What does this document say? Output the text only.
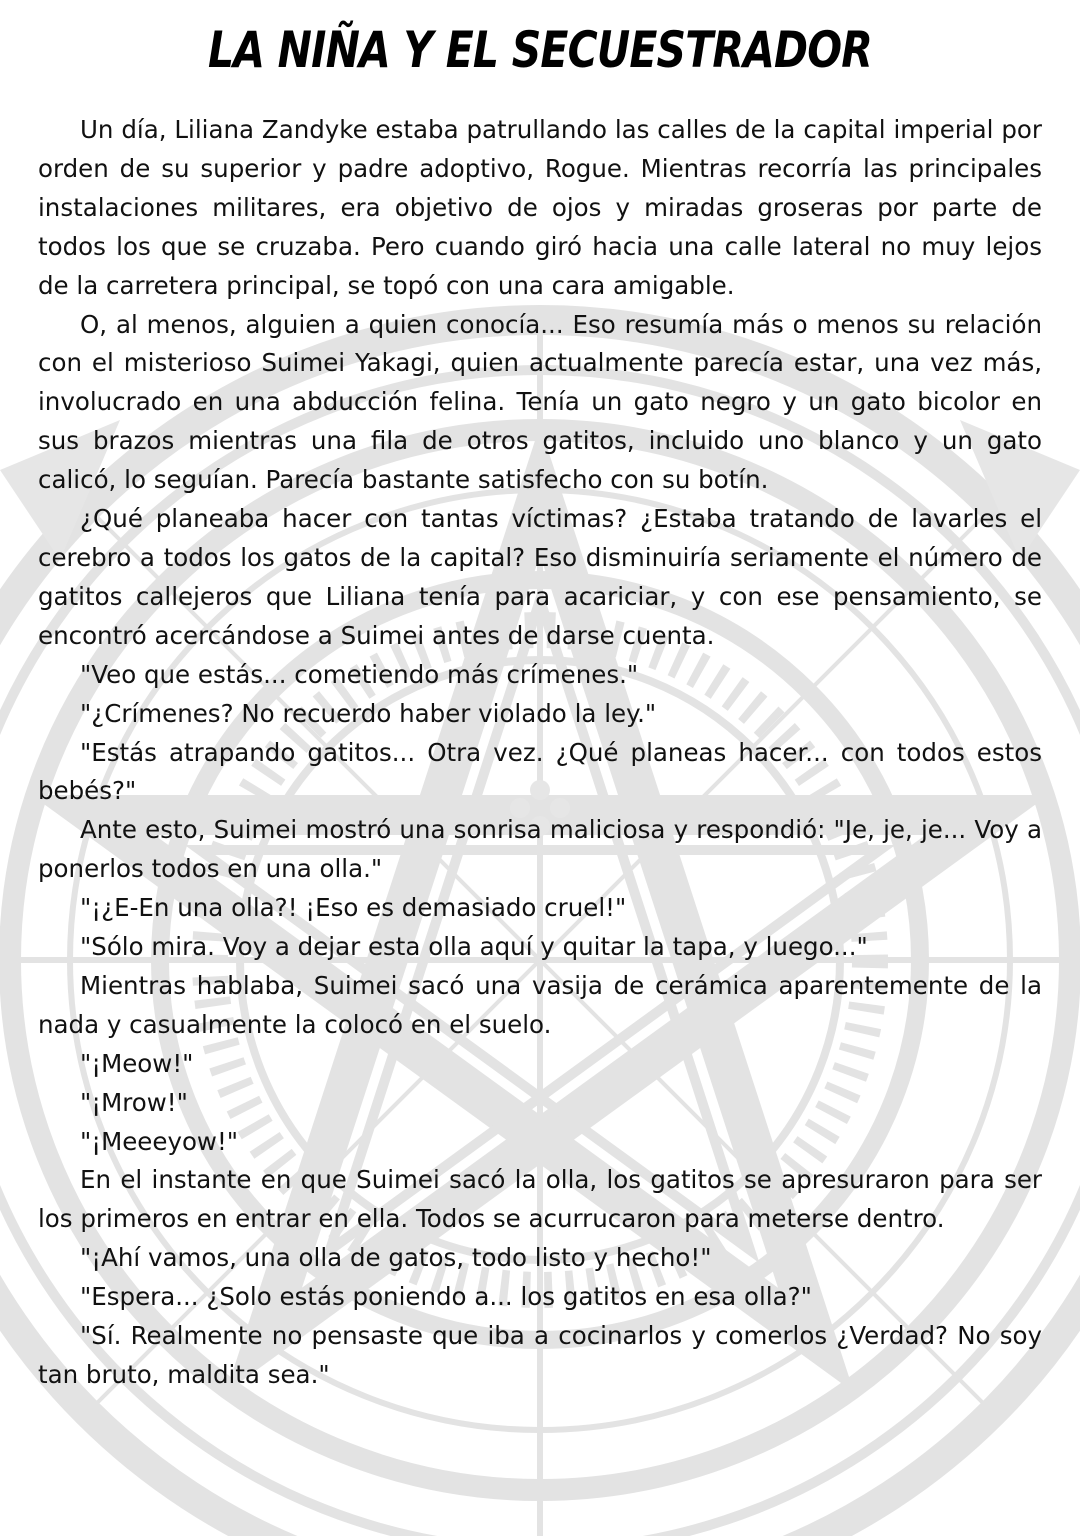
LA NIÑA Y EL SECUESTRADOR

Un día, Liliana Zandyke estaba patrullando las calles de la capital imperial por orden de su superior y padre adoptivo, Rogue. Mientras recorría las principales instalaciones militares, era objetivo de ojos y miradas groseras por parte de todos los que se cruzaba. Pero cuando giró hacia una calle lateral no muy lejos de la carretera principal, se topó con una cara amigable.

O, al menos, alguien a quien conocía... Eso resumía más o menos su relación con el misterioso Suimei Yakagi, quien actualmente parecía estar, una vez más, involucrado en una abducción felina. Tenía un gato negro y un gato bicolor en sus brazos mientras una fila de otros gatitos, incluido uno blanco y un gato calicó, lo seguían. Parecía bastante satisfecho con su botín.

¿Qué planeaba hacer con tantas víctimas? ¿Estaba tratando de lavarles el cerebro a todos los gatos de la capital? Eso disminuiría seriamente el número de gatitos callejeros que Liliana tenía para acariciar, y con ese pensamiento, se encontró acercándose a Suimei antes de darse cuenta.

"Veo que estás... cometiendo más crímenes."

"¿Crímenes? No recuerdo haber violado la ley."

"Estás atrapando gatitos... Otra vez. ¿Qué planeas hacer... con todos estos bebés?"

Ante esto, Suimei mostró una sonrisa maliciosa y respondió: "Je, je, je... Voy a ponerlos todos en una olla."

"¡¿E-En una olla?! ¡Eso es demasiado cruel!"

"Sólo mira. Voy a dejar esta olla aquí y quitar la tapa, y luego..."

Mientras hablaba, Suimei sacó una vasija de cerámica aparentemente de la nada y casualmente la colocó en el suelo.

"¡Meow!"

"¡Mrow!"

"¡Meeeyow!"

En el instante en que Suimei sacó la olla, los gatitos se apresuraron para ser los primeros en entrar en ella. Todos se acurrucaron para meterse dentro.

"¡Ahí vamos, una olla de gatos, todo listo y hecho!"

"Espera... ¿Solo estás poniendo a... los gatitos en esa olla?"

"Sí. Realmente no pensaste que iba a cocinarlos y comerlos ¿Verdad? No soy tan bruto, maldita sea."
